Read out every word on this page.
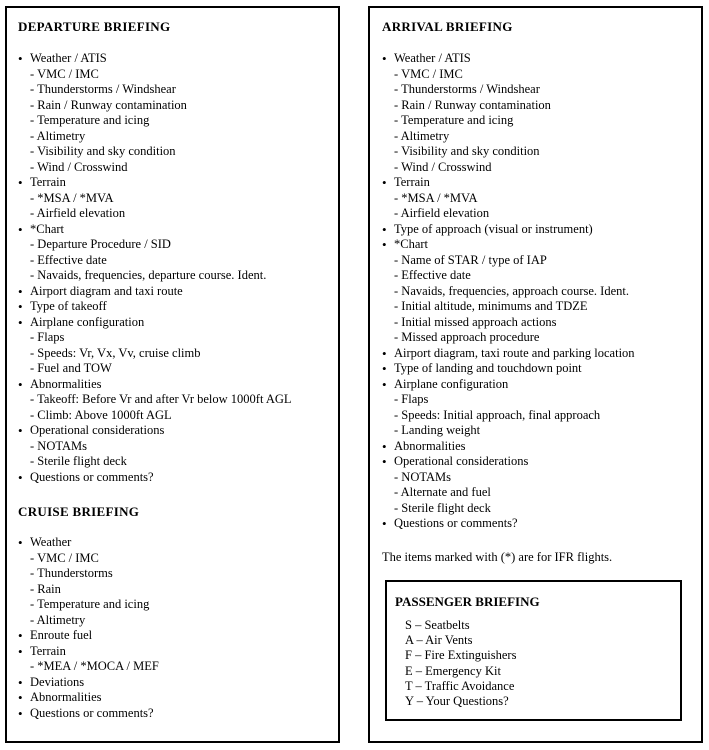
DEPARTURE BRIEFING
• Weather / ATIS
- VMC / IMC
- Thunderstorms / Windshear
- Rain / Runway contamination
- Temperature and icing
- Altimetry
- Visibility and sky condition
- Wind / Crosswind
• Terrain
- *MSA / *MVA
- Airfield elevation
• *Chart
- Departure Procedure / SID
- Effective date
- Navaids, frequencies, departure course. Ident.
• Airport diagram and taxi route
• Type of takeoff
• Airplane configuration
- Flaps
- Speeds: Vr, Vx, Vv, cruise climb
- Fuel and TOW
• Abnormalities
- Takeoff: Before Vr and after Vr below 1000ft AGL
- Climb: Above 1000ft AGL
• Operational considerations
- NOTAMs
- Sterile flight deck
• Questions or comments?
CRUISE BRIEFING
• Weather
- VMC / IMC
- Thunderstorms
- Rain
- Temperature and icing
- Altimetry
• Enroute fuel
• Terrain
- *MEA / *MOCA / MEF
• Deviations
• Abnormalities
• Questions or comments?
ARRIVAL BRIEFING
• Weather / ATIS
- VMC / IMC
- Thunderstorms / Windshear
- Rain / Runway contamination
- Temperature and icing
- Altimetry
- Visibility and sky condition
- Wind / Crosswind
• Terrain
- *MSA / *MVA
- Airfield elevation
• Type of approach (visual or instrument)
• *Chart
- Name of STAR / type of IAP
- Effective date
- Navaids, frequencies, approach course. Ident.
- Initial altitude, minimums and TDZE
- Initial missed approach actions
- Missed approach procedure
• Airport diagram, taxi route and parking location
• Type of landing and touchdown point
• Airplane configuration
- Flaps
- Speeds: Initial approach, final approach
- Landing weight
• Abnormalities
• Operational considerations
- NOTAMs
- Alternate and fuel
- Sterile flight deck
• Questions or comments?
The items marked with (*) are for IFR flights.
PASSENGER BRIEFING
S – Seatbelts
A – Air Vents
F – Fire Extinguishers
E – Emergency Kit
T – Traffic Avoidance
Y – Your Questions?
